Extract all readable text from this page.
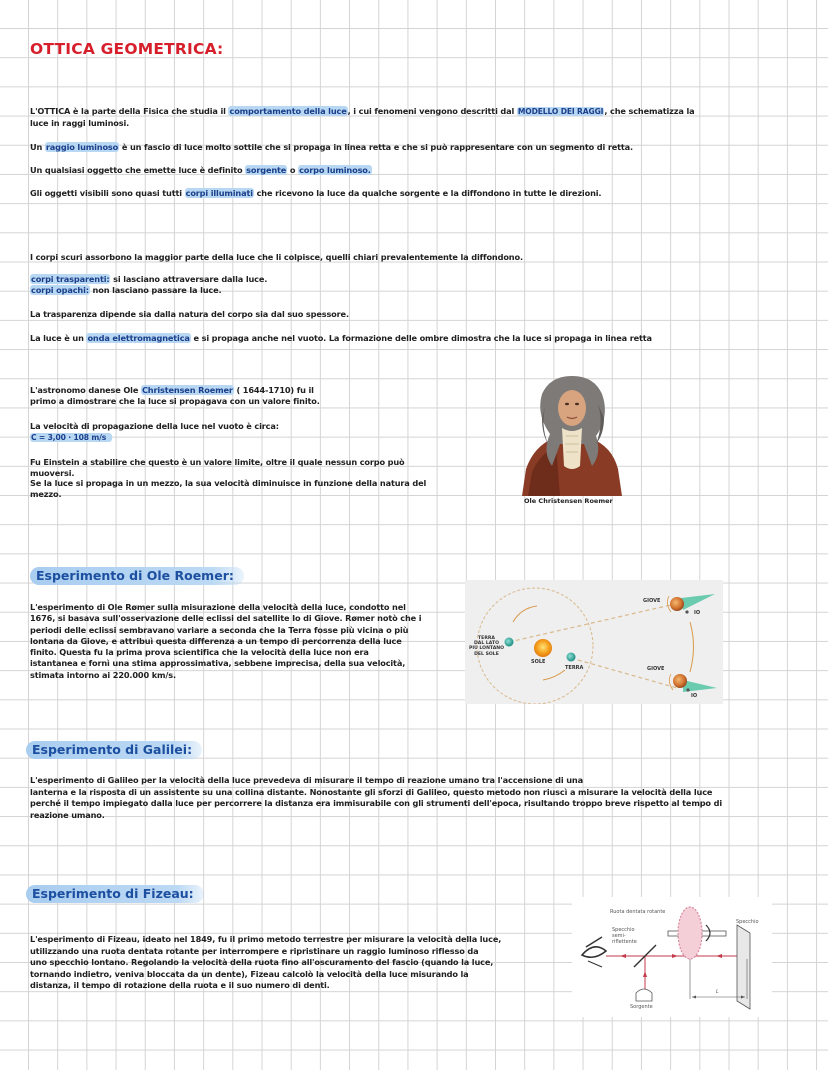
OTTICA GEOMETRICA:
L'OTTICA è la parte della Fisica che studia il comportamento della luce, i cui fenomeni vengono descritti dal MODELLO DEI RAGGI, che schematizza la
luce in raggi luminosi.
Un raggio luminoso è un fascio di luce molto sottile che si propaga in linea retta e che si può rappresentare con un segmento di retta.
Un qualsiasi oggetto che emette luce è definito sorgente o corpo luminoso.
Gli oggetti visibili sono quasi tutti corpi illuminati che ricevono la luce da qualche sorgente e la diffondono in tutte le direzioni.
I corpi scuri assorbono la maggior parte della luce che li colpisce, quelli chiari prevalentemente la diffondono.
corpi trasparenti: si lasciano attraversare dalla luce.
corpi opachi: non lasciano passare la luce.
La trasparenza dipende sia dalla natura del corpo sia dal suo spessore.
La luce è un onda elettromagnetica e si propaga anche nel vuoto. La formazione delle ombre dimostra che la luce si propaga in linea retta
L'astronomo danese Ole Christensen Roemer ( 1644-1710) fu il
primo a dimostrare che la luce si propagava con un valore finito.
La velocità di propagazione della luce nel vuoto è circa:
C = 3,00 · 108 m/s
Fu Einstein a stabilire che questo è un valore limite, oltre il quale nessun corpo può
muoversi.
Se la luce si propaga in un mezzo, la sua velocità diminuisce in funzione della natura del
mezzo.
Ole Christensen Roemer
Esperimento di Ole Roemer:
L'esperimento di Ole Rømer sulla misurazione della velocità della luce, condotto nel
1676, si basava sull'osservazione delle eclissi del satellite Io di Giove. Rømer notò che i
periodi delle eclissi sembravano variare a seconda che la Terra fosse più vicina o più
lontana da Giove, e attribuì questa differenza a un tempo di percorrenza della luce
finito. Questa fu la prima prova scientifica che la velocità della luce non era
istantanea e fornì una stima approssimativa, sebbene imprecisa, della sua velocità,
stimata intorno ai 220.000 km/s.
TERRA
DAL LATO
PIÙ LONTANO
DEL SOLE
SOLE
TERRA
GIOVE
IO
GIOVE
IO
Esperimento di Galilei:
L'esperimento di Galileo per la velocità della luce prevedeva di misurare il tempo di reazione umano tra l'accensione di una
lanterna e la risposta di un assistente su una collina distante. Nonostante gli sforzi di Galileo, questo metodo non riuscì a misurare la velocità della luce
perché il tempo impiegato dalla luce per percorrere la distanza era immisurabile con gli strumenti dell'epoca, risultando troppo breve rispetto al tempo di
reazione umano.
Esperimento di Fizeau:
L'esperimento di Fizeau, ideato nel 1849, fu il primo metodo terrestre per misurare la velocità della luce,
utilizzando una ruota dentata rotante per interrompere e ripristinare un raggio luminoso riflesso da
uno specchio lontano. Regolando la velocità della ruota fino all'oscuramento del fascio (quando la luce,
tornando indietro, veniva bloccata da un dente), Fizeau calcolò la velocità della luce misurando la
distanza, il tempo di rotazione della ruota e il suo numero di denti.
Ruota dentata rotante
Specchio
semi-
riflettente
Specchio
L
Sorgente
